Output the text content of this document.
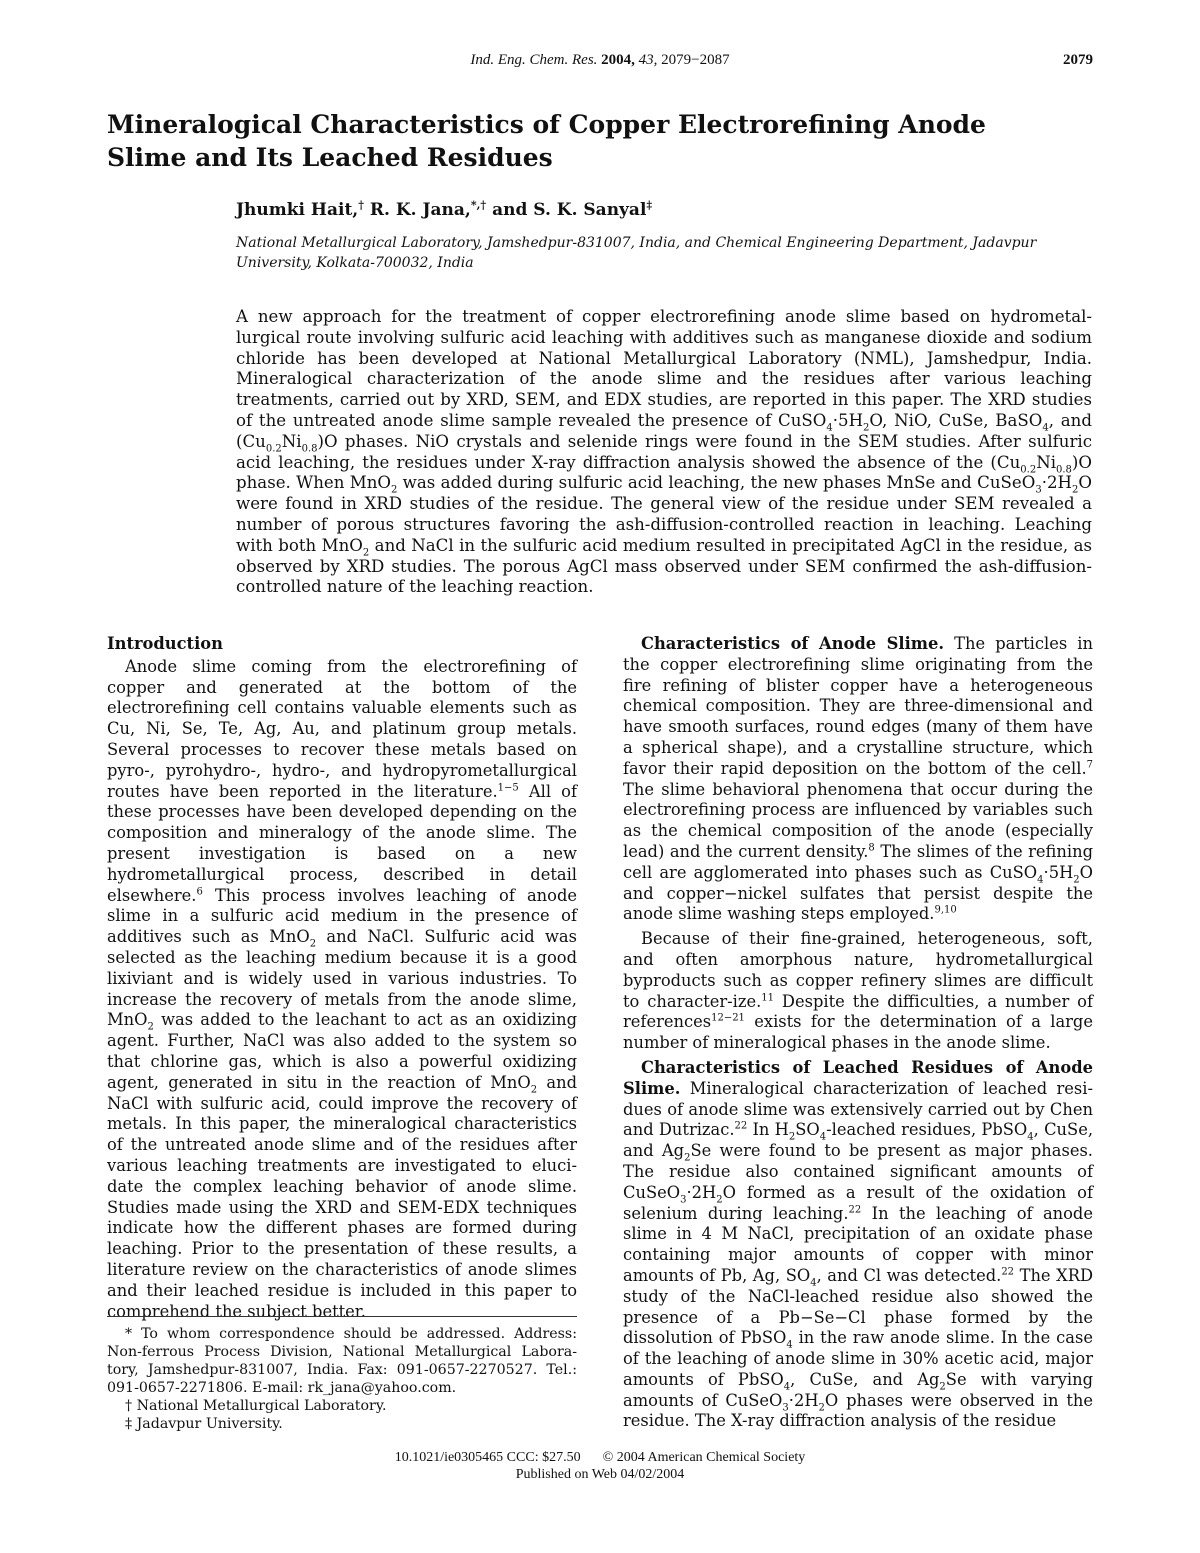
Ind. Eng. Chem. Res. 2004, 43, 2079−2087	2079
Mineralogical Characteristics of Copper Electrorefining Anode Slime and Its Leached Residues
Jhumki Hait,† R. K. Jana,*,† and S. K. Sanyal‡
National Metallurgical Laboratory, Jamshedpur-831007, India, and Chemical Engineering Department, Jadavpur University, Kolkata-700032, India
A new approach for the treatment of copper electrorefining anode slime based on hydrometal-lurgical route involving sulfuric acid leaching with additives such as manganese dioxide and sodium chloride has been developed at National Metallurgical Laboratory (NML), Jamshedpur, India. Mineralogical characterization of the anode slime and the residues after various leaching treatments, carried out by XRD, SEM, and EDX studies, are reported in this paper. The XRD studies of the untreated anode slime sample revealed the presence of $CuSO_4\cdot 5H_2O$, NiO, CuSe, BaSO$_4$, and $(Cu_{0.2}Ni_{0.8})O$ phases. NiO crystals and selenide rings were found in the SEM studies. After sulfuric acid leaching, the residues under X-ray diffraction analysis showed the absence of the $(Cu_{0.2}Ni_{0.8})O$ phase. When MnO$_2$ was added during sulfuric acid leaching, the new phases MnSe and $CuSeO_3\cdot 2H_2O$ were found in XRD studies of the residue. The general view of the residue under SEM revealed a number of porous structures favoring the ash-diffusion-controlled reaction in leaching. Leaching with both MnO$_2$ and NaCl in the sulfuric acid medium resulted in precipitated AgCl in the residue, as observed by XRD studies. The porous AgCl mass observed under SEM confirmed the ash-diffusion-controlled nature of the leaching reaction.
Introduction

Anode slime coming from the electrorefining of copper and generated at the bottom of the electrorefining cell contains valuable elements such as Cu, Ni, Se, Te, Ag, Au, and platinum group metals. Several processes to recover these metals based on pyro-, pyrohydro-, hydro-, and hydropyrometallurgical routes have been reported in the literature.$^{1-5}$ All of these processes have been developed depending on the composition and mineralogy of the anode slime. The present investigation is based on a new hydrometallurgical process, described in detail elsewhere.$^6$ This process involves leaching of anode slime in a sulfuric acid medium in the presence of additives such as MnO$_2$ and NaCl. Sulfuric acid was selected as the leaching medium because it is a good lixiviant and is widely used in various industries. To increase the recovery of metals from the anode slime, MnO$_2$ was added to the leachant to act as an oxidizing agent. Further, NaCl was also added to the system so that chlorine gas, which is also a powerful oxidizing agent, generated in situ in the reaction of MnO$_2$ and NaCl with sulfuric acid, could improve the recovery of metals. In this paper, the mineralogical characteristics of the untreated anode slime and of the residues after various leaching treatments are investigated to eluci-date the complex leaching behavior of anode slime. Studies made using the XRD and SEM-EDX techniques indicate how the different phases are formed during leaching. Prior to the presentation of these results, a literature review on the characteristics of anode slimes and their leached residue is included in this paper to comprehend the subject better.

* To whom correspondence should be addressed. Address: Non-ferrous Process Division, National Metallurgical Labora-tory, Jamshedpur-831007, India. Fax: 091-0657-2270527. Tel.: 091-0657-2271806. E-mail: rk_jana@yahoo.com.

† National Metallurgical Laboratory.

‡ Jadavpur University.

Characteristics of Anode Slime. The particles in the copper electrorefining slime originating from the fire refining of blister copper have a heterogeneous chemical composition. They are three-dimensional and have smooth surfaces, round edges (many of them have a spherical shape), and a crystalline structure, which favor their rapid deposition on the bottom of the cell.$^7$ The slime behavioral phenomena that occur during the electrorefining process are influenced by variables such as the chemical composition of the anode (especially lead) and the current density.$^8$ The slimes of the refining cell are agglomerated into phases such as $CuSO_4\cdot 5H_2O$ and copper−nickel sulfates that persist despite the anode slime washing steps employed.$^{9,10}$

Because of their fine-grained, heterogeneous, soft, and often amorphous nature, hydrometallurgical byproducts such as copper refinery slimes are difficult to character-ize.$^{11}$ Despite the difficulties, a number of references$^{12-21}$ exists for the determination of a large number of mineralogical phases in the anode slime.

Characteristics of Leached Residues of Anode Slime. Mineralogical characterization of leached resi-dues of anode slime was extensively carried out by Chen and Dutrizac.$^{22}$ In $H_2SO_4$-leached residues, PbSO$_4$, CuSe, and $Ag_2Se$ were found to be present as major phases. The residue also contained significant amounts of $CuSeO_3\cdot 2H_2O$ formed as a result of the oxidation of selenium during leaching.$^{22}$ In the leaching of anode slime in 4 M NaCl, precipitation of an oxidate phase containing major amounts of copper with minor amounts of Pb, Ag, $SO_4$, and Cl was detected.$^{22}$ The XRD study of the NaCl-leached residue also showed the presence of a Pb−Se−Cl phase formed by the dissolution of PbSO$_4$ in the raw anode slime. In the case of the leaching of anode slime in 30% acetic acid, major amounts of PbSO$_4$, CuSe, and $Ag_2Se$ with varying amounts of $CuSeO_3\cdot 2H_2O$ phases were observed in the residue. The X-ray diffraction analysis of the residue

10.1021/ie0305465 CCC: $27.50 © 2004 American Chemical Society
Published on Web 04/02/2004
